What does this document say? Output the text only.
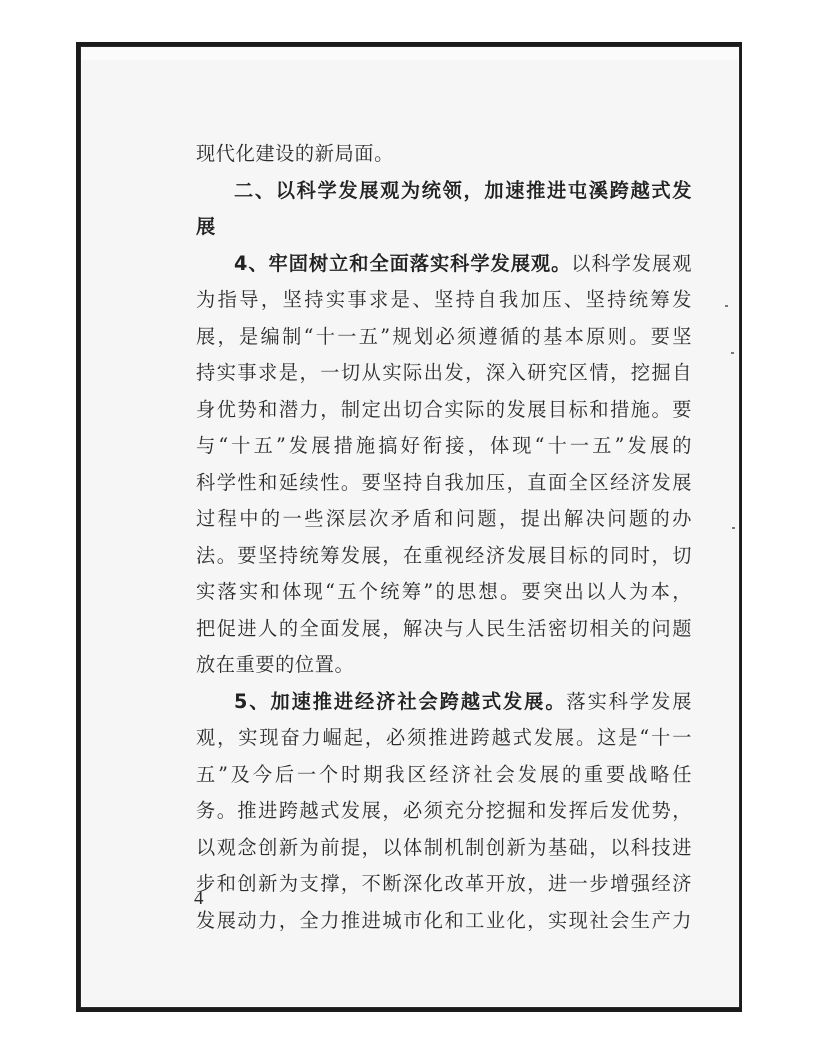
现代化建设的新局面。
二、以科学发展观为统领，加速推进屯溪跨越式发
展
4、牢固树立和全面落实科学发展观。以科学发展观
为指导，坚持实事求是、坚持自我加压、坚持统筹发
展，是编制“十一五”规划必须遵循的基本原则。要坚
持实事求是，一切从实际出发，深入研究区情，挖掘自
身优势和潜力，制定出切合实际的发展目标和措施。要
与“十五”发展措施搞好衔接，体现“十一五”发展的
科学性和延续性。要坚持自我加压，直面全区经济发展
过程中的一些深层次矛盾和问题，提出解决问题的办
法。要坚持统筹发展，在重视经济发展目标的同时，切
实落实和体现“五个统筹”的思想。要突出以人为本，
把促进人的全面发展，解决与人民生活密切相关的问题
放在重要的位置。
5、加速推进经济社会跨越式发展。落实科学发展
观，实现奋力崛起，必须推进跨越式发展。这是“十一
五”及今后一个时期我区经济社会发展的重要战略任
务。推进跨越式发展，必须充分挖掘和发挥后发优势，
以观念创新为前提，以体制机制创新为基础，以科技进
步和创新为支撑，不断深化改革开放，进一步增强经济
发展动力，全力推进城市化和工业化，实现社会生产力
4
